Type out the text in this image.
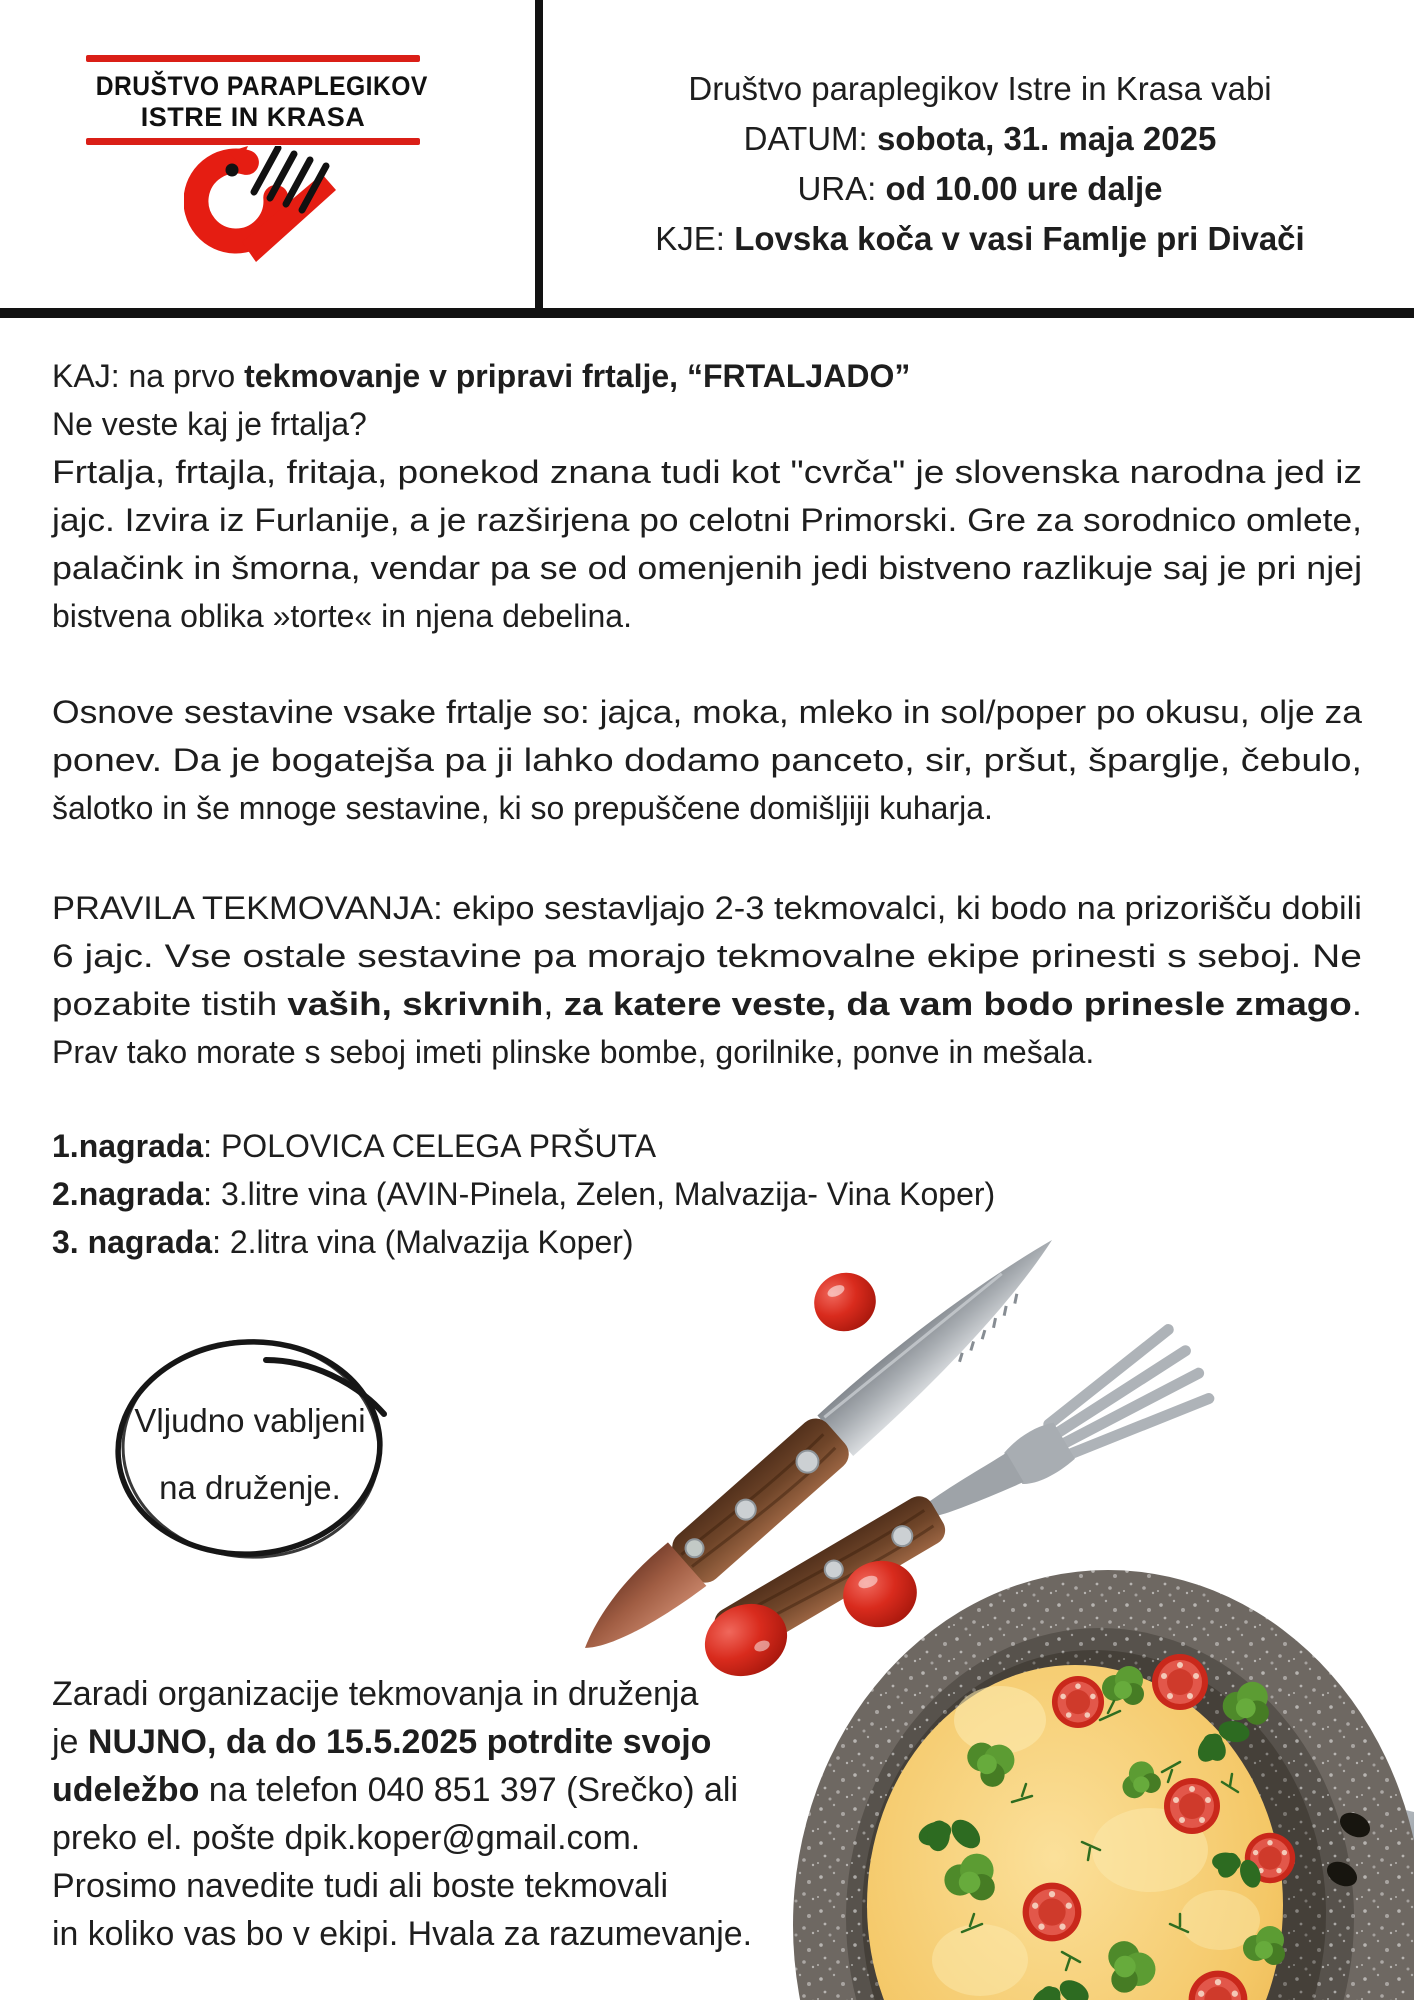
DRUŠTVO PARAPLEGIKOV
ISTRE IN KRASA
Društvo paraplegikov Istre in Krasa vabi
DATUM: sobota, 31. maja 2025
URA: od 10.00 ure dalje
KJE: Lovska koča v vasi Famlje pri Divači
KAJ: na prvo tekmovanje v pripravi frtalje, “FRTALJADO”
Ne veste kaj je frtalja?
Frtalja, frtajla, fritaja, ponekod znana tudi kot "cvrča" je slovenska narodna jed iz
jajc. Izvira iz Furlanije, a je razširjena po celotni Primorski. Gre za sorodnico omlete,
palačink in šmorna, vendar pa se od omenjenih jedi bistveno razlikuje saj je pri njej
bistvena oblika »torte« in njena debelina.
Osnove sestavine vsake frtalje so: jajca, moka, mleko in sol/poper po okusu, olje za
ponev. Da je bogatejša pa ji lahko dodamo panceto, sir, pršut, šparglje, čebulo,
šalotko in še mnoge sestavine, ki so prepuščene domišljiji kuharja.
PRAVILA TEKMOVANJA: ekipo sestavljajo 2-3 tekmovalci, ki bodo na prizorišču dobili
6 jajc. Vse ostale sestavine pa morajo tekmovalne ekipe prinesti s seboj. Ne
pozabite tistih vaših, skrivnih, za katere veste, da vam bodo prinesle zmago.
Prav tako morate s seboj imeti plinske bombe, gorilnike, ponve in mešala.
1.nagrada: POLOVICA CELEGA PRŠUTA
2.nagrada: 3.litre vina (AVIN-Pinela, Zelen, Malvazija- Vina Koper)
3. nagrada: 2.litra vina (Malvazija Koper)
Vljudno vabljeni
na druženje.
Zaradi organizacije tekmovanja in druženja
je NUJNO, da do 15.5.2025 potrdite svojo
udeležbo na telefon 040 851 397 (Srečko) ali
preko el. pošte dpik.koper@gmail.com.
Prosimo navedite tudi ali boste tekmovali
in koliko vas bo v ekipi. Hvala za razumevanje.
